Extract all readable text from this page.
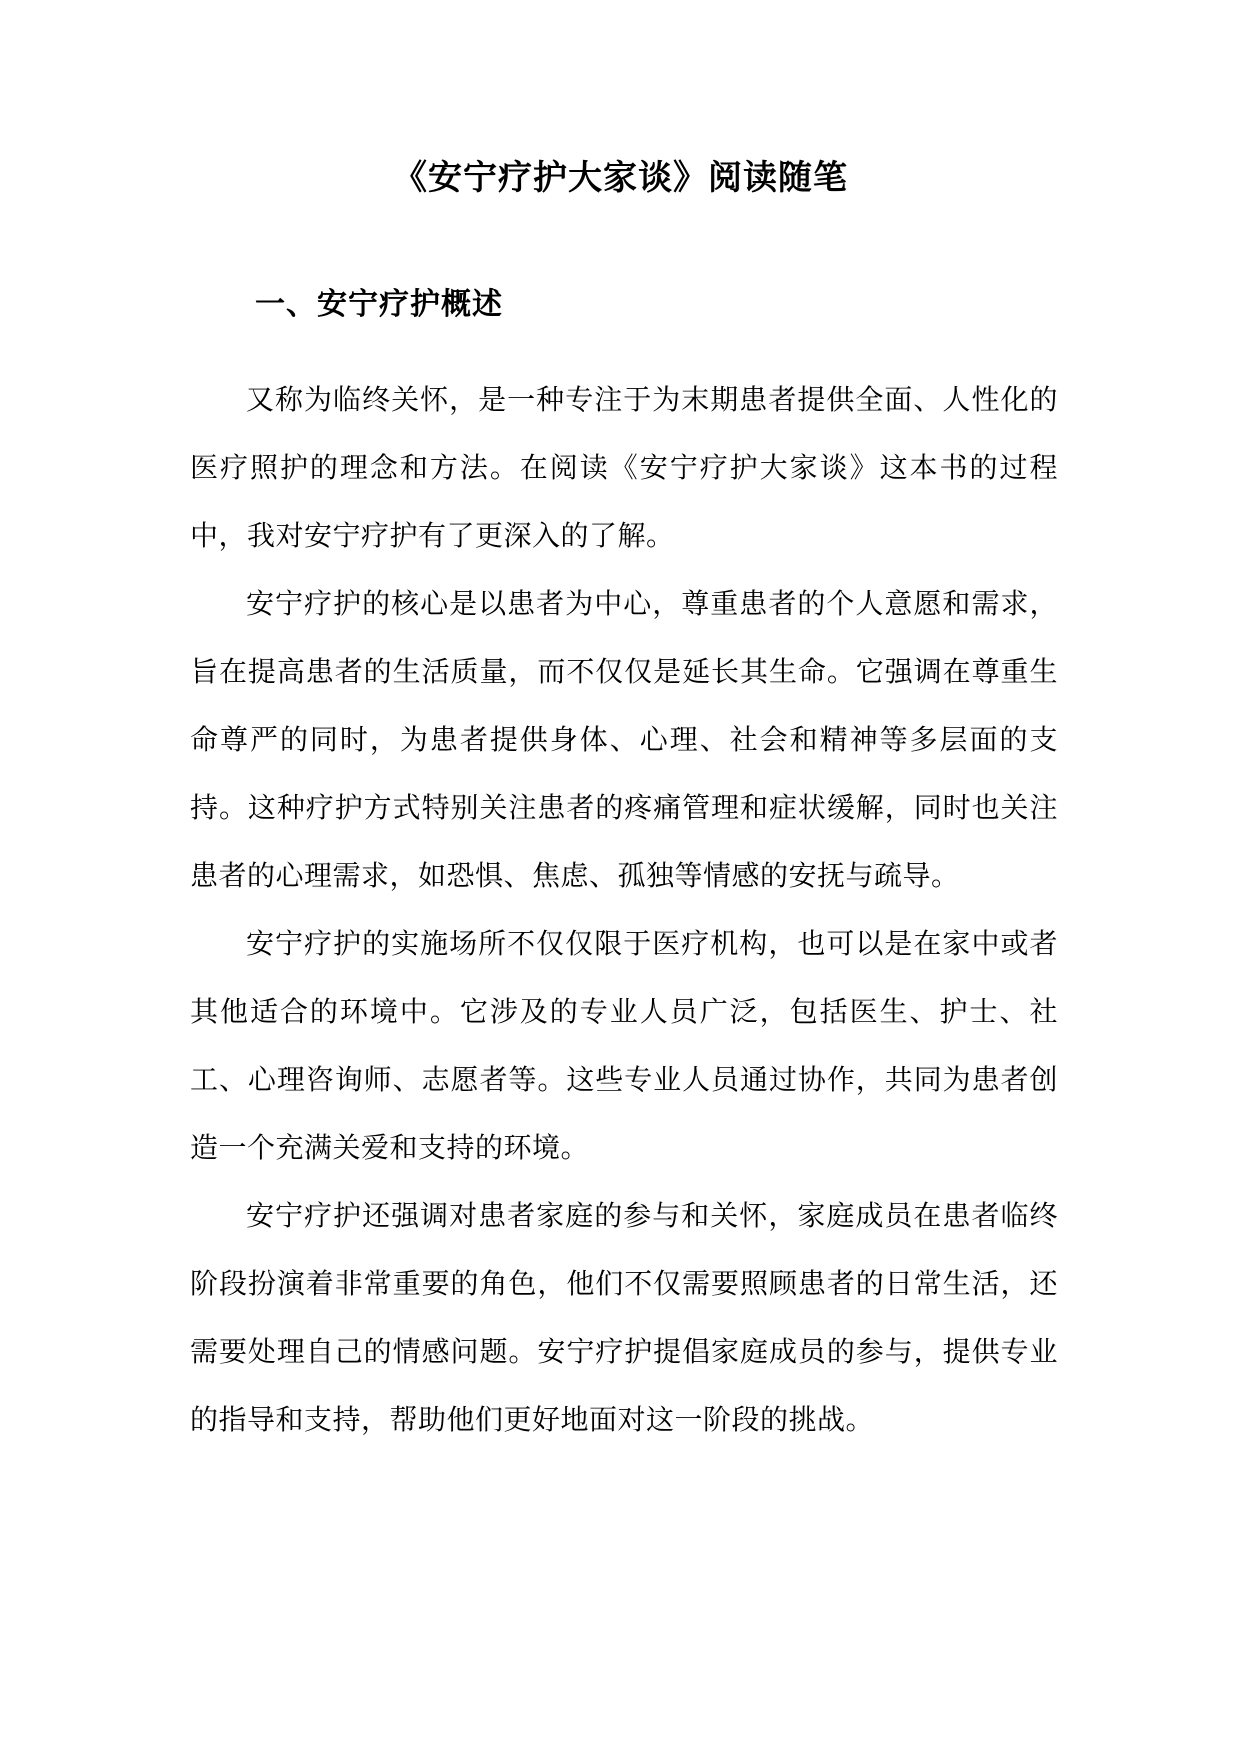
《安宁疗护大家谈》阅读随笔
一、安宁疗护概述

又称为临终关怀，是一种专注于为末期患者提供全面、人性化的医疗照护的理念和方法。在阅读《安宁疗护大家谈》这本书的过程中，我对安宁疗护有了更深入的了解。

安宁疗护的核心是以患者为中心，尊重患者的个人意愿和需求，旨在提高患者的生活质量，而不仅仅是延长其生命。它强调在尊重生命尊严的同时，为患者提供身体、心理、社会和精神等多层面的支持。这种疗护方式特别关注患者的疼痛管理和症状缓解，同时也关注患者的心理需求，如恐惧、焦虑、孤独等情感的安抚与疏导。

安宁疗护的实施场所不仅仅限于医疗机构，也可以是在家中或者其他适合的环境中。它涉及的专业人员广泛，包括医生、护士、社工、心理咨询师、志愿者等。这些专业人员通过协作，共同为患者创造一个充满关爱和支持的环境。

安宁疗护还强调对患者家庭的参与和关怀，家庭成员在患者临终阶段扮演着非常重要的角色，他们不仅需要照顾患者的日常生活，还需要处理自己的情感问题。安宁疗护提倡家庭成员的参与，提供专业的指导和支持，帮助他们更好地面对这一阶段的挑战。
